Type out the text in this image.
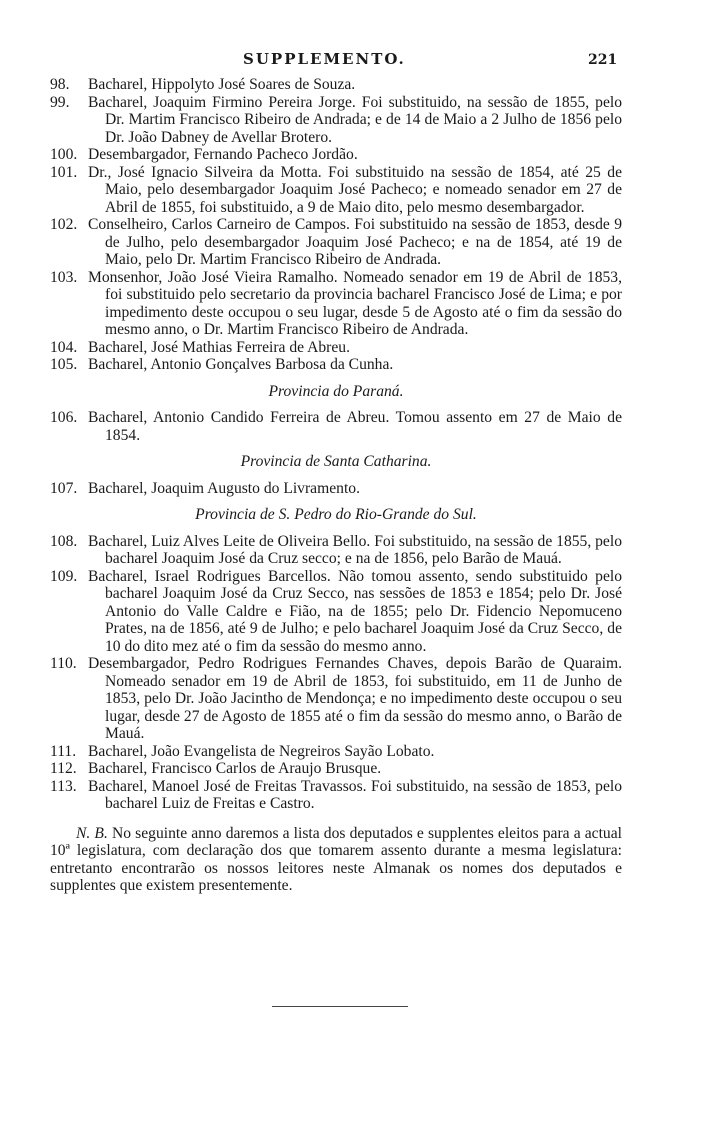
SUPPLEMENTO.	221
98.	Bacharel, Hippolyto José Soares de Souza.
99.	Bacharel, Joaquim Firmino Pereira Jorge. Foi substituido, na sessão de 1855, pelo Dr. Martim Francisco Ribeiro de Andrada; e de 14 de Maio a 2 Julho de 1856 pelo Dr. João Dabney de Avellar Brotero.
100. Desembargador, Fernando Pacheco Jordão.
101. Dr., José Ignacio Silveira da Motta. Foi substituido na sessão de 1854, até 25 de Maio, pelo desembargador Joaquim José Pacheco; e nomeado senador em 27 de Abril de 1855, foi substituido, a 9 de Maio dito, pelo mesmo desembargador.
102. Conselheiro, Carlos Carneiro de Campos. Foi substituido na sessão de 1853, desde 9 de Julho, pelo desembargador Joaquim José Pacheco; e na de 1854, até 19 de Maio, pelo Dr. Martim Francisco Ribeiro de Andrada.
103. Monsenhor, João José Vieira Ramalho. Nomeado senador em 19 de Abril de 1853, foi substituido pelo secretario da provincia bacharel Francisco José de Lima; e por impedimento deste occupou o seu lugar, desde 5 de Agosto até o fim da sessão do mesmo anno, o Dr. Martim Francisco Ribeiro de Andrada.
104. Bacharel, José Mathias Ferreira de Abreu.
105. Bacharel, Antonio Gonçalves Barbosa da Cunha.
Provincia do Paraná.
106. Bacharel, Antonio Candido Ferreira de Abreu. Tomou assento em 27 de Maio de 1854.
Provincia de Santa Catharina.
107. Bacharel, Joaquim Augusto do Livramento.
Provincia de S. Pedro do Rio-Grande do Sul.
108. Bacharel, Luiz Alves Leite de Oliveira Bello. Foi substituido, na sessão de 1855, pelo bacharel Joaquim José da Cruz secco; e na de 1856, pelo Barão de Mauá.
109. Bacharel, Israel Rodrigues Barcellos. Não tomou assento, sendo substituido pelo bacharel Joaquim José da Cruz Secco, nas sessões de 1853 e 1854; pelo Dr. José Antonio do Valle Caldre e Fião, na de 1855; pelo Dr. Fidencio Nepomuceno Prates, na de 1856, até 9 de Julho; e pelo bacharel Joaquim José da Cruz Secco, de 10 do dito mez até o fim da sessão do mesmo anno.
110. Desembargador, Pedro Rodrigues Fernandes Chaves, depois Barão de Quaraim. Nomeado senador em 19 de Abril de 1853, foi substituido, em 11 de Junho de 1853, pelo Dr. João Jacintho de Mendonça; e no impedimento deste occupou o seu lugar, desde 27 de Agosto de 1855 até o fim da sessão do mesmo anno, o Barão de Mauá.
111. Bacharel, João Evangelista de Negreiros Sayão Lobato.
112. Bacharel, Francisco Carlos de Araujo Brusque.
113. Bacharel, Manoel José de Freitas Travassos. Foi substituido, na sessão de 1853, pelo bacharel Luiz de Freitas e Castro.
N. B. No seguinte anno daremos a lista dos deputados e supplentes eleitos para a actual 10ª legislatura, com declaração dos que tomarem assento durante a mesma legislatura: entretanto encontrarão os nossos leitores neste Almanak os nomes dos deputados e supplentes que existem presentemente.
